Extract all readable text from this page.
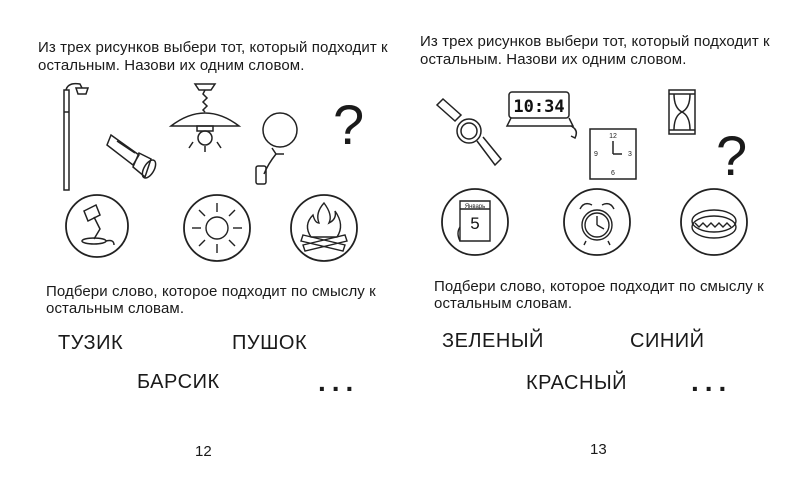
Из трех рисунков выбери тот, который подходит к
остальным. Назови их одним словом.
?
Подбери слово, которое подходит по смыслу к
остальным словам.
ТУЗИК	ПУШОК
БАРСИК	...
12
Из трех рисунков выбери тот, который подходит к
остальным. Назови их одним словом.
10:34
12
3
6
9 ?
Январь
5
Подбери слово, которое подходит по смыслу к
остальным словам.
ЗЕЛЕНЫЙ	СИНИЙ
КРАСНЫЙ ...
13
